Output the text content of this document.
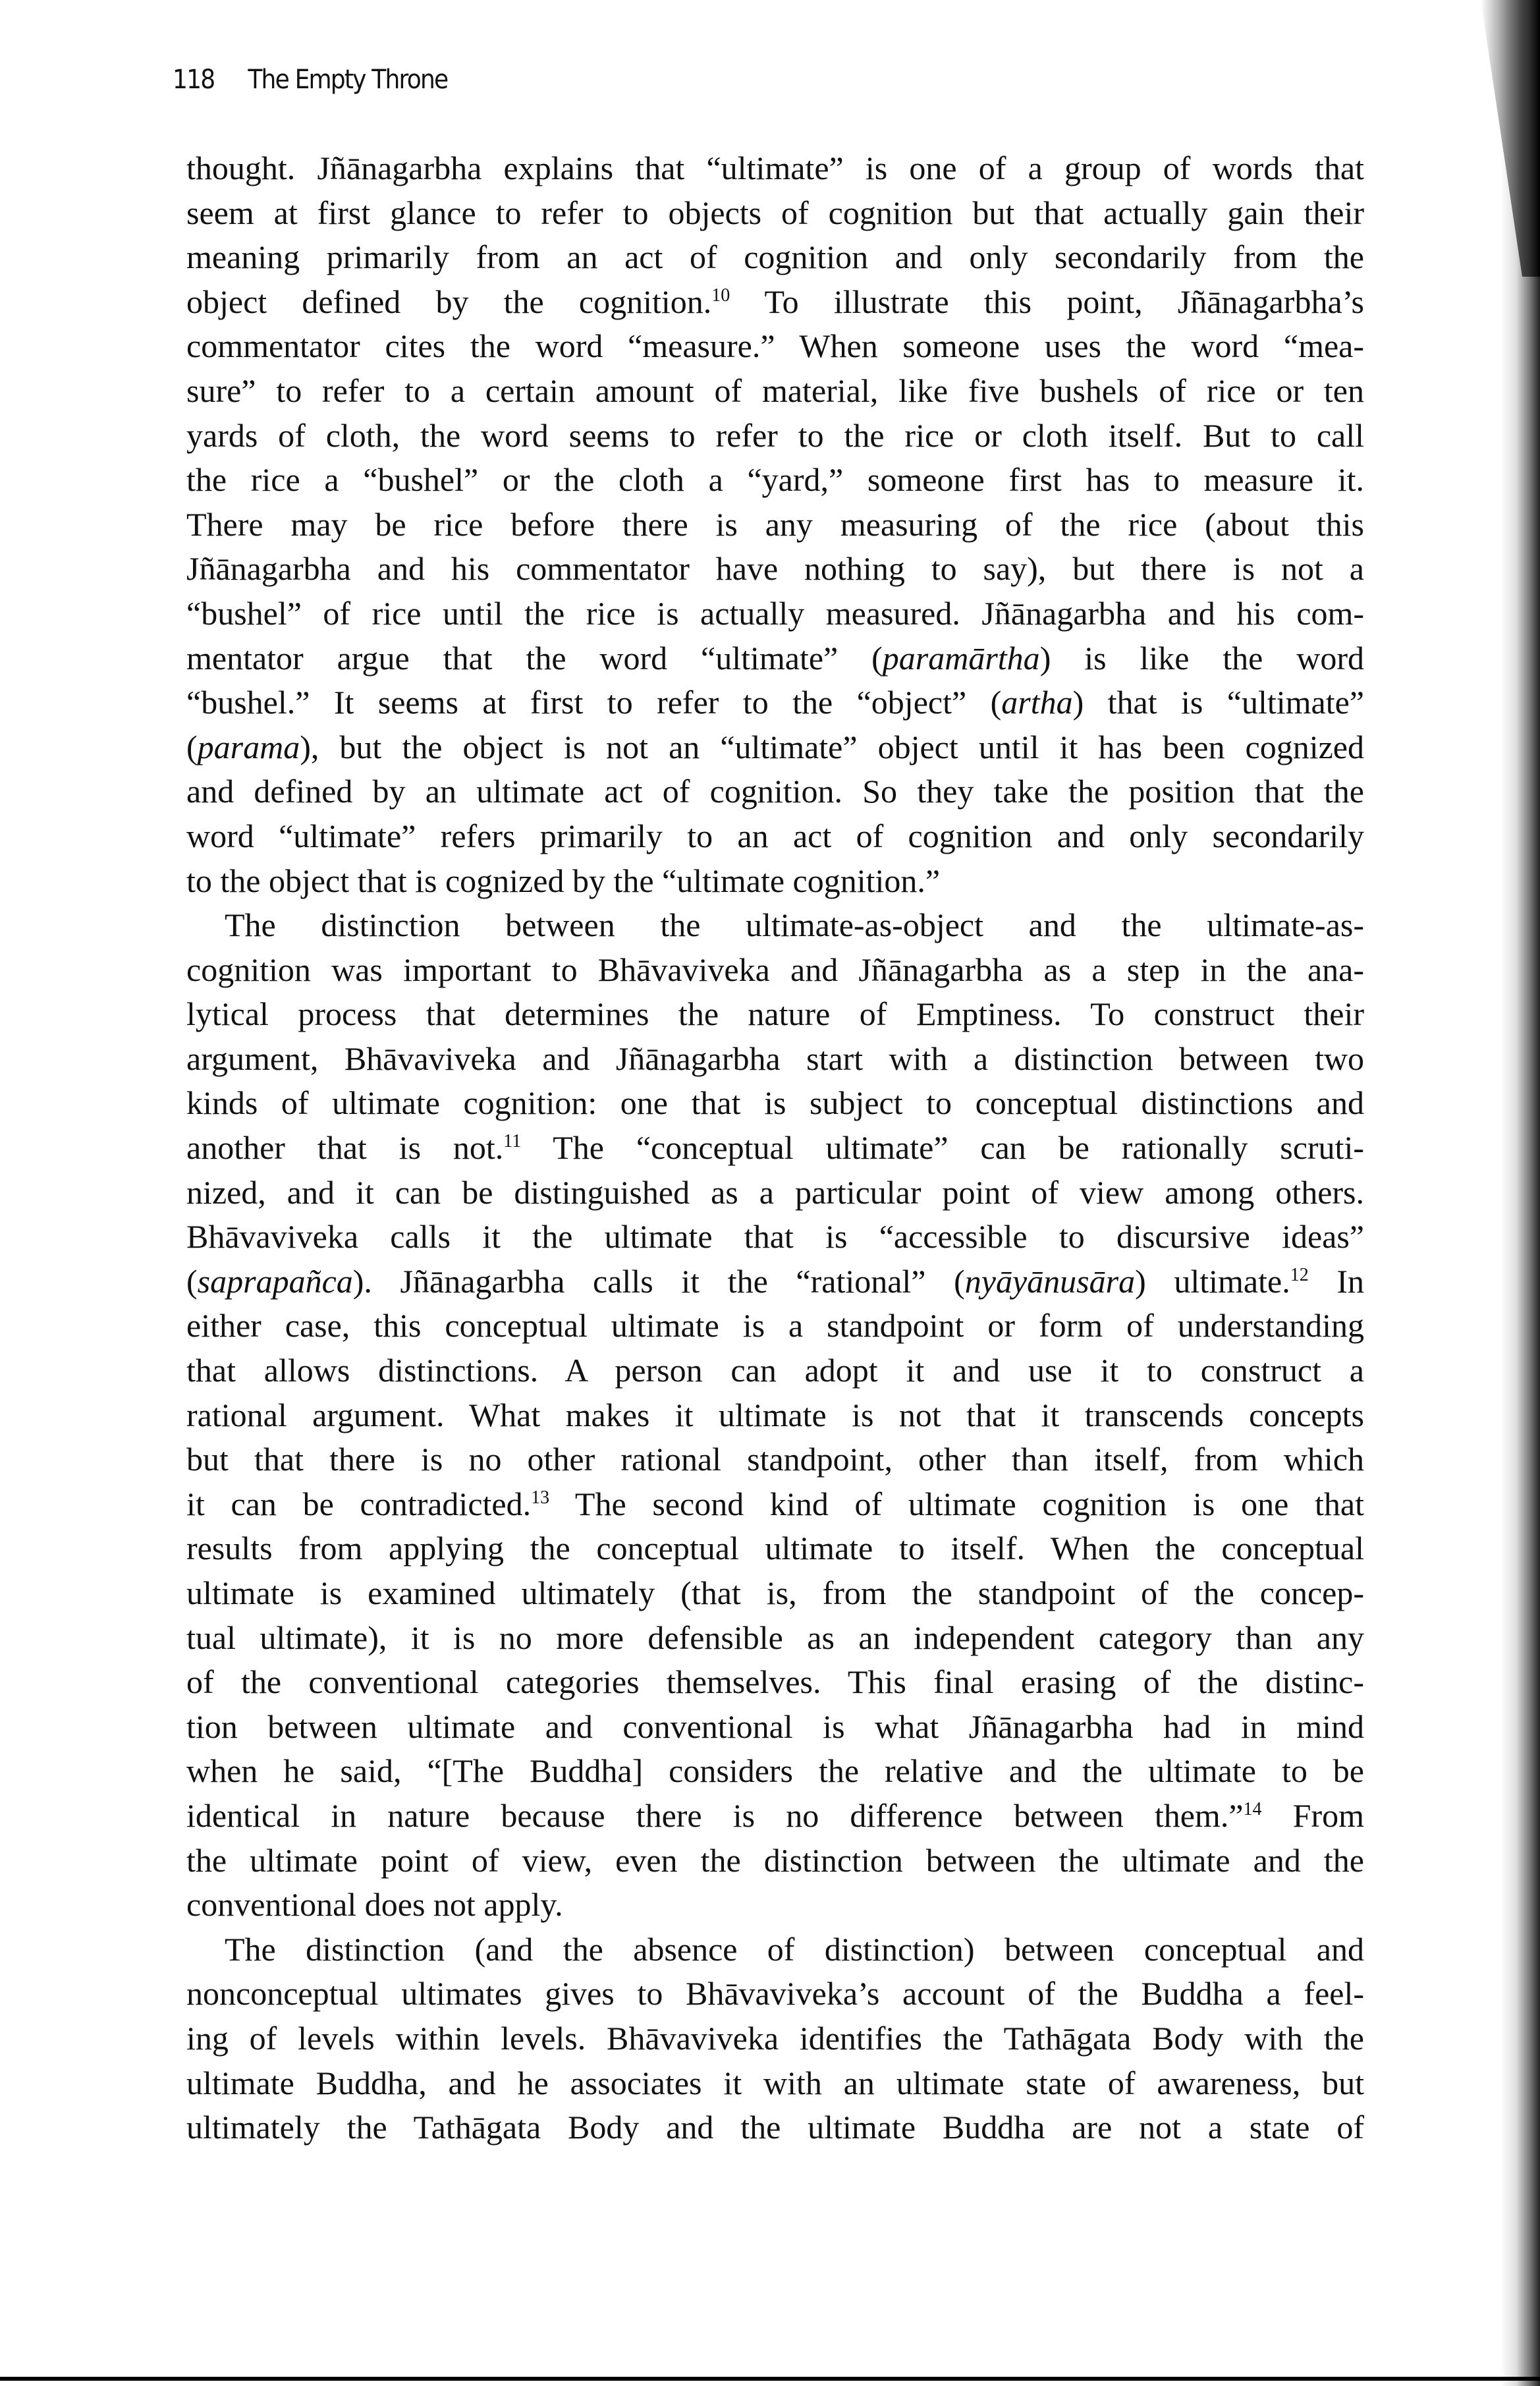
118 The Empty Throne
thought. Jñānagarbha explains that “ultimate” is one of a group of words that
seem at first glance to refer to objects of cognition but that actually gain their
meaning primarily from an act of cognition and only secondarily from the
object defined by the cognition.$^{10}$ To illustrate this point, Jñānagarbha’s
commentator cites the word “measure.” When someone uses the word “mea-
sure” to refer to a certain amount of material, like five bushels of rice or ten
yards of cloth, the word seems to refer to the rice or cloth itself. But to call
the rice a “bushel” or the cloth a “yard,” someone first has to measure it.
There may be rice before there is any measuring of the rice (about this
Jñānagarbha and his commentator have nothing to say), but there is not a
“bushel” of rice until the rice is actually measured. Jñānagarbha and his com-
mentator argue that the word “ultimate” (paramārtha) is like the word
“bushel.” It seems at first to refer to the “object” (artha) that is “ultimate”
(parama), but the object is not an “ultimate” object until it has been cognized
and defined by an ultimate act of cognition. So they take the position that the
word “ultimate” refers primarily to an act of cognition and only secondarily
to the object that is cognized by the “ultimate cognition.”
The distinction between the ultimate-as-object and the ultimate-as-
cognition was important to Bhāvaviveka and Jñānagarbha as a step in the ana-
lytical process that determines the nature of Emptiness. To construct their
argument, Bhāvaviveka and Jñānagarbha start with a distinction between two
kinds of ultimate cognition: one that is subject to conceptual distinctions and
another that is not.$^{11}$ The “conceptual ultimate” can be rationally scruti-
nized, and it can be distinguished as a particular point of view among others.
Bhāvaviveka calls it the ultimate that is “accessible to discursive ideas”
(saprapañca). Jñānagarbha calls it the “rational” (nyāyānusāra) ultimate.$^{12}$ In
either case, this conceptual ultimate is a standpoint or form of understanding
that allows distinctions. A person can adopt it and use it to construct a
rational argument. What makes it ultimate is not that it transcends concepts
but that there is no other rational standpoint, other than itself, from which
it can be contradicted.$^{13}$ The second kind of ultimate cognition is one that
results from applying the conceptual ultimate to itself. When the conceptual
ultimate is examined ultimately (that is, from the standpoint of the concep-
tual ultimate), it is no more defensible as an independent category than any
of the conventional categories themselves. This final erasing of the distinc-
tion between ultimate and conventional is what Jñānagarbha had in mind
when he said, “[The Buddha] considers the relative and the ultimate to be
identical in nature because there is no difference between them.”$^{14}$ From
the ultimate point of view, even the distinction between the ultimate and the
conventional does not apply.
The distinction (and the absence of distinction) between conceptual and
nonconceptual ultimates gives to Bhāvaviveka’s account of the Buddha a feel-
ing of levels within levels. Bhāvaviveka identifies the Tathāgata Body with the
ultimate Buddha, and he associates it with an ultimate state of awareness, but
ultimately the Tathāgata Body and the ultimate Buddha are not a state of
